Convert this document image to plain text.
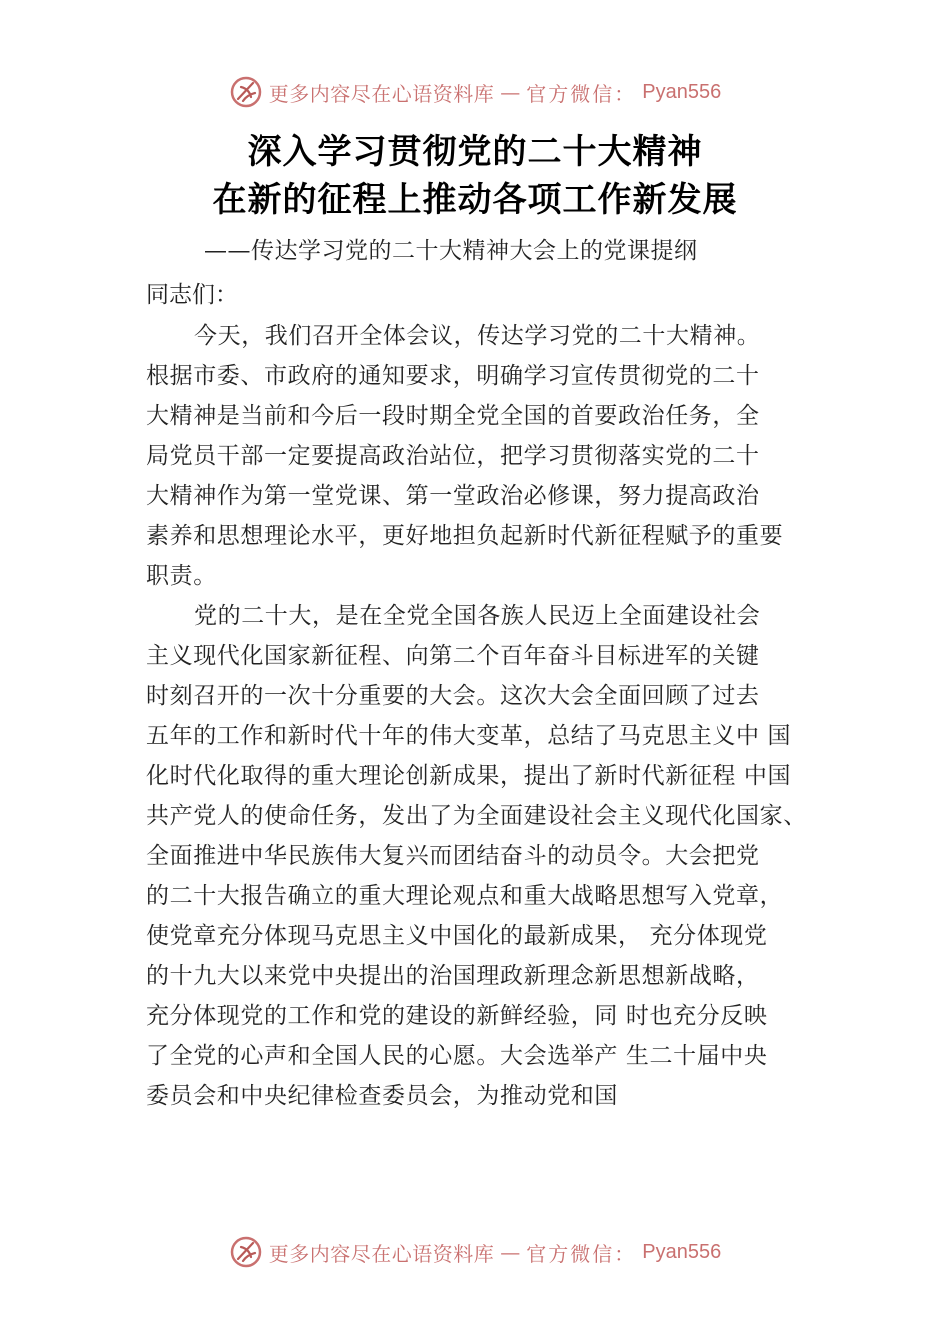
更多内容尽在心语资料库 — 官方微信： Pyan556
深入学习贯彻党的二十大精神
在新的征程上推动各项工作新发展
——传达学习党的二十大精神大会上的党课提纲
同志们：
今天，我们召开全体会议，传达学习党的二十大精神。
根据市委、市政府的通知要求，明确学习宣传贯彻党的二十
大精神是当前和今后一段时期全党全国的首要政治任务，全
局党员干部一定要提高政治站位，把学习贯彻落实党的二十
大精神作为第一堂党课、第一堂政治必修课，努力提高政治
素养和思想理论水平，更好地担负起新时代新征程赋予的重要
职责。
党的二十大，是在全党全国各族人民迈上全面建设社会
主义现代化国家新征程、向第二个百年奋斗目标进军的关键
时刻召开的一次十分重要的大会。这次大会全面回顾了过去
五年的工作和新时代十年的伟大变革，总结了马克思主义中 国
化时代化取得的重大理论创新成果，提出了新时代新征程 中国
共产党人的使命任务，发出了为全面建设社会主义现代化国家、
全面推进中华民族伟大复兴而团结奋斗的动员令。大会把党
的二十大报告确立的重大理论观点和重大战略思想写入党章，
使党章充分体现马克思主义中国化的最新成果， 充分体现党
的十九大以来党中央提出的治国理政新理念新思想新战略，
充分体现党的工作和党的建设的新鲜经验，同 时也充分反映
了全党的心声和全国人民的心愿。大会选举产 生二十届中央
委员会和中央纪律检查委员会，为推动党和国
更多内容尽在心语资料库 — 官方微信： Pyan556
